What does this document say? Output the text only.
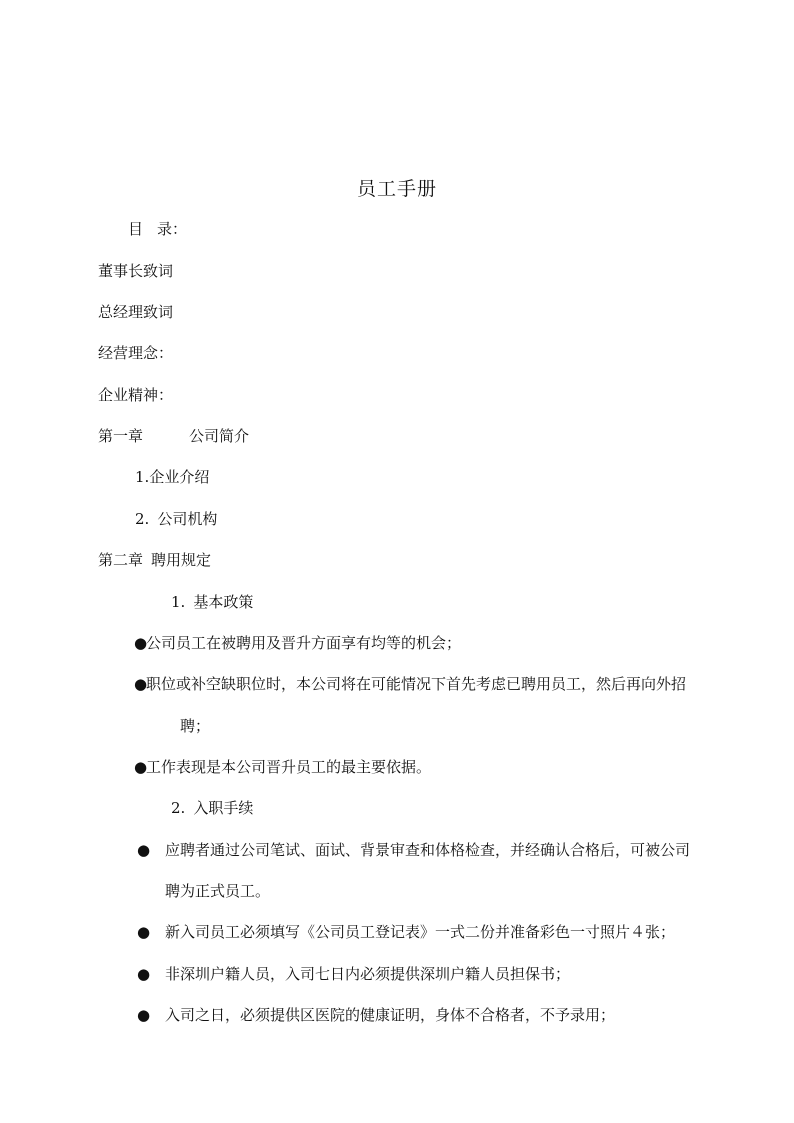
员工手册
目 录：
董事长致词
总经理致词
经营理念：
企业精神：
第一章	公司简介
1.企业介绍
2. 公司机构
第二章 聘用规定
1. 基本政策
●公司员工在被聘用及晋升方面享有均等的机会；
●职位或补空缺职位时，本公司将在可能情况下首先考虑已聘用员工，然后再向外招
聘；
●工作表现是本公司晋升员工的最主要依据。
2. 入职手续
● 应聘者通过公司笔试、面试、背景审查和体格检查，并经确认合格后，可被公司
聘为正式员工。
● 新入司员工必须填写《公司员工登记表》一式二份并准备彩色一寸照片４张；
● 非深圳户籍人员，入司七日内必须提供深圳户籍人员担保书；
● 入司之日，必须提供区医院的健康证明，身体不合格者，不予录用；
